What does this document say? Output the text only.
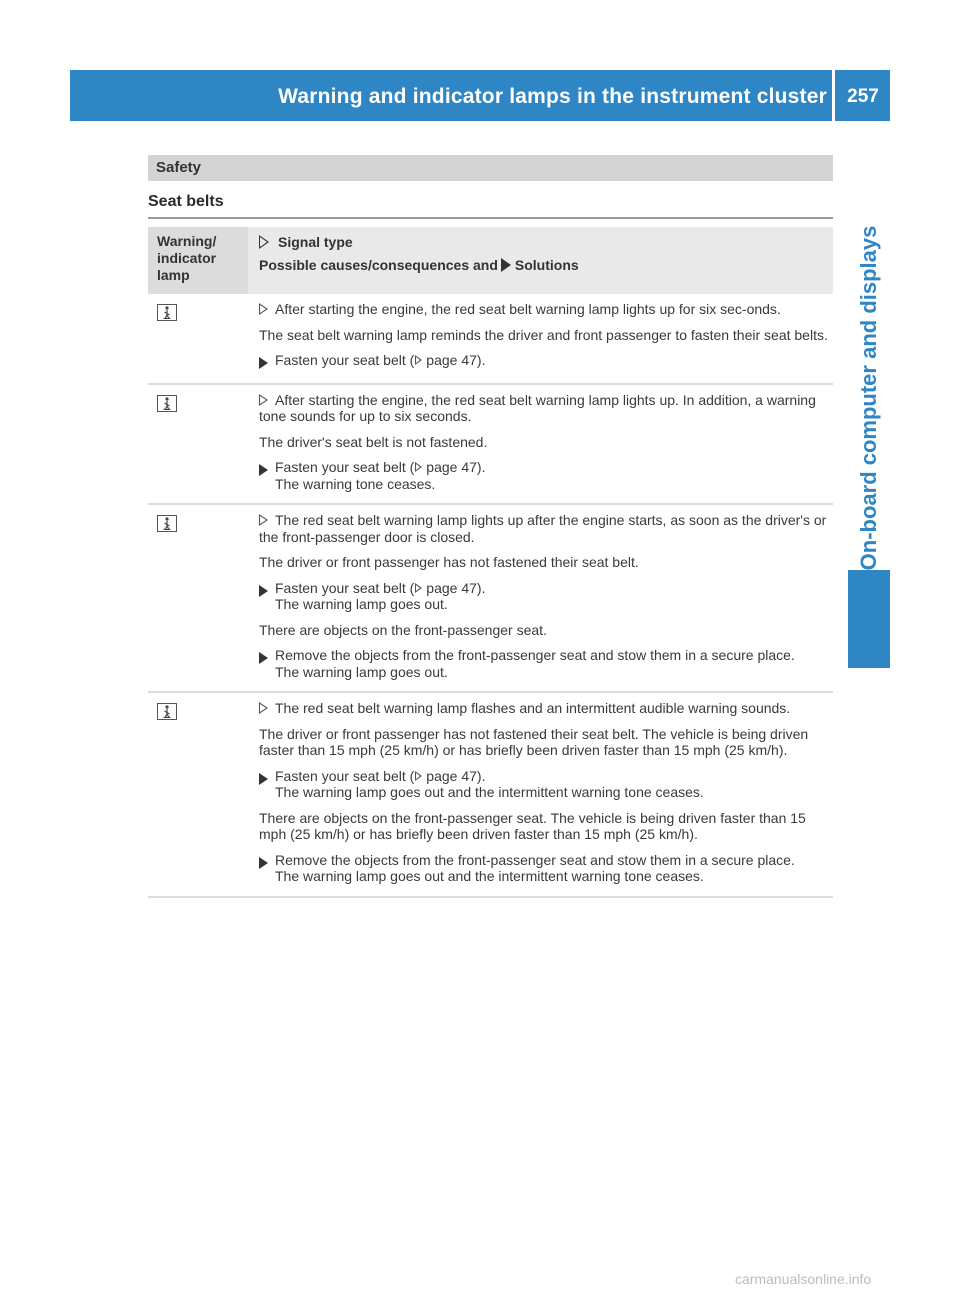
Warning and indicator lamps in the instrument cluster	257
On-board computer and displays
Safety
Seat belts
Warning/
indicator
lamp
Signal type
Possible causes/consequences and Solutions

After starting the engine, the red seat belt warning lamp lights up for six sec-onds.

The seat belt warning lamp reminds the driver and front passenger to fasten their seat belts.

Fasten your seat belt ( page 47).

After starting the engine, the red seat belt warning lamp lights up. In addition, a warning tone sounds for up to six seconds.

The driver's seat belt is not fastened.

Fasten your seat belt ( page 47).
The warning tone ceases.

The red seat belt warning lamp lights up after the engine starts, as soon as the driver's or the front-passenger door is closed.

The driver or front passenger has not fastened their seat belt.

Fasten your seat belt ( page 47).
The warning lamp goes out.

There are objects on the front-passenger seat.

Remove the objects from the front-passenger seat and stow them in a secure place.
The warning lamp goes out.

The red seat belt warning lamp flashes and an intermittent audible warning sounds.

The driver or front passenger has not fastened their seat belt. The vehicle is being driven faster than 15 mph (25 km/h) or has briefly been driven faster than 15 mph (25 km/h).

Fasten your seat belt ( page 47).
The warning lamp goes out and the intermittent warning tone ceases.

There are objects on the front-passenger seat. The vehicle is being driven faster than 15 mph (25 km/h) or has briefly been driven faster than 15 mph (25 km/h).

Remove the objects from the front-passenger seat and stow them in a secure place.
The warning lamp goes out and the intermittent warning tone ceases.
carmanualsonline.info
